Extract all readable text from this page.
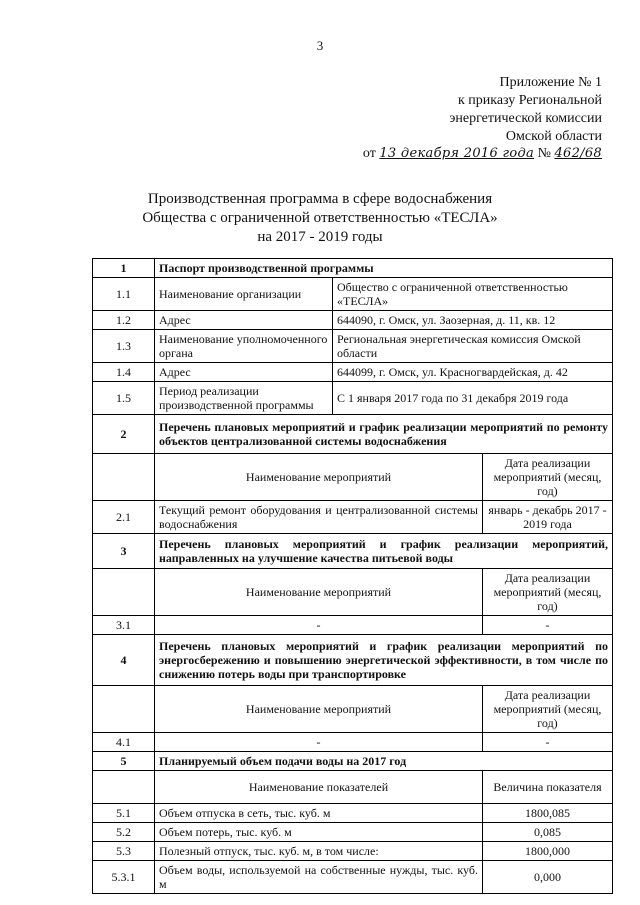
3
Приложение № 1
к приказу Региональной
энергетической комиссии
Омской области
от 13 декабря 2016 года № 462/68
Производственная программа в сфере водоснабжения
Общества с ограниченной ответственностью «ТЕСЛА»
на 2017 - 2019 годы
1	Паспорт производственной программы		
1.1	Наименование организации	Общество с ограниченной ответственностью «ТЕСЛА»	
1.2	Адрес	644090, г. Омск, ул. Заозерная, д. 11, кв. 12	
1.3	Наименование уполномоченного органа	Региональная энергетическая комиссия Омской области	
1.4	Адрес	644099, г. Омск, ул. Красногвардейская, д. 42	
1.5	Период реализации производственной программы	С 1 января 2017 года по 31 декабря 2019 года	
2	Перечень плановых мероприятий и график реализации мероприятий по ремонту объектов централизованной системы водоснабжения		
	Наименование мероприятий		Дата реализации мероприятий (месяц, год)
2.1	Текущий ремонт оборудования и централизованной системы водоснабжения		январь - декабрь 2017 - 2019 года
3	Перечень плановых мероприятий и график реализации мероприятий, направленных на улучшение качества питьевой воды		
	Наименование мероприятий		Дата реализации мероприятий (месяц, год)
3.1	-		-
4	Перечень плановых мероприятий и график реализации мероприятий по энергосбережению и повышению энергетической эффективности, в том числе по снижению потерь воды при транспортировке		
	Наименование мероприятий		Дата реализации мероприятий (месяц, год)
4.1	-		-
5	Планируемый объем подачи воды на 2017 год		
	Наименование показателей		Величина показателя
5.1	Объем отпуска в сеть, тыс. куб. м		1800,085
5.2	Объем потерь, тыс. куб. м		0,085
5.3	Полезный отпуск, тыс. куб. м, в том числе:		1800,000
5.3.1	Объем воды, используемой на собственные нужды, тыс. куб. м		0,000
